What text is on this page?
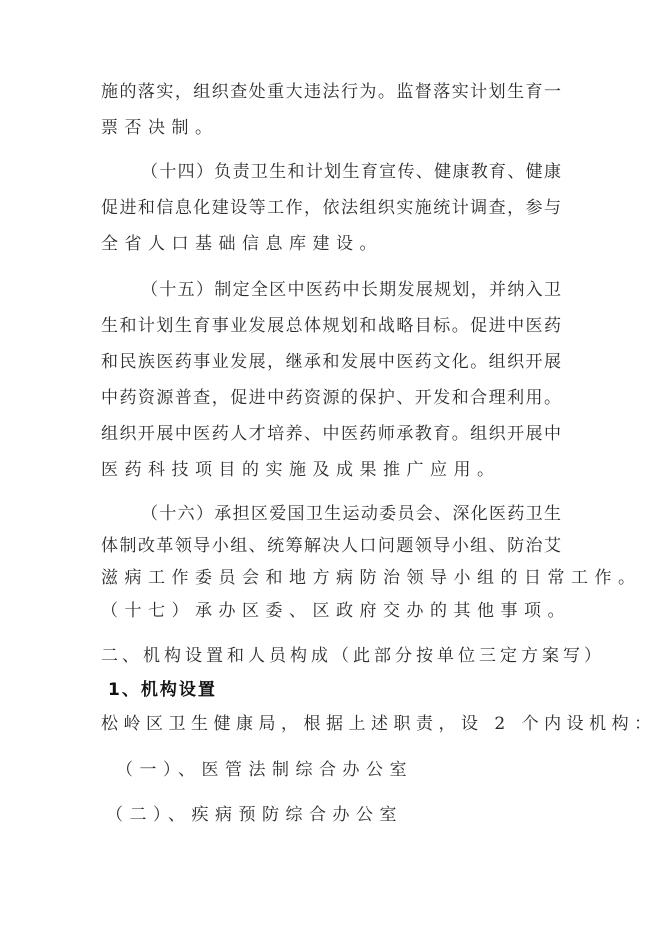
施的落实，组织查处重大违法行为。监督落实计划生育一
票否决制。
（十四）负责卫生和计划生育宣传、健康教育、健康
促进和信息化建设等工作，依法组织实施统计调查，参与
全省人口基础信息库建设。
（十五）制定全区中医药中长期发展规划，并纳入卫
生和计划生育事业发展总体规划和战略目标。促进中医药
和民族医药事业发展，继承和发展中医药文化。组织开展
中药资源普查，促进中药资源的保护、开发和合理利用。
组织开展中医药人才培养、中医药师承教育。组织开展中
医药科技项目的实施及成果推广应用。
（十六）承担区爱国卫生运动委员会、深化医药卫生
体制改革领导小组、统筹解决人口问题领导小组、防治艾
滋病工作委员会和地方病防治领导小组的日常工作。
（十七）承办区委、区政府交办的其他事项。
二、机构设置和人员构成（此部分按单位三定方案写）
1、机构设置
松岭区卫生健康局，根据上述职责，设 2 个内设机构：
（一）、医管法制综合办公室
（二）、疾病预防综合办公室
